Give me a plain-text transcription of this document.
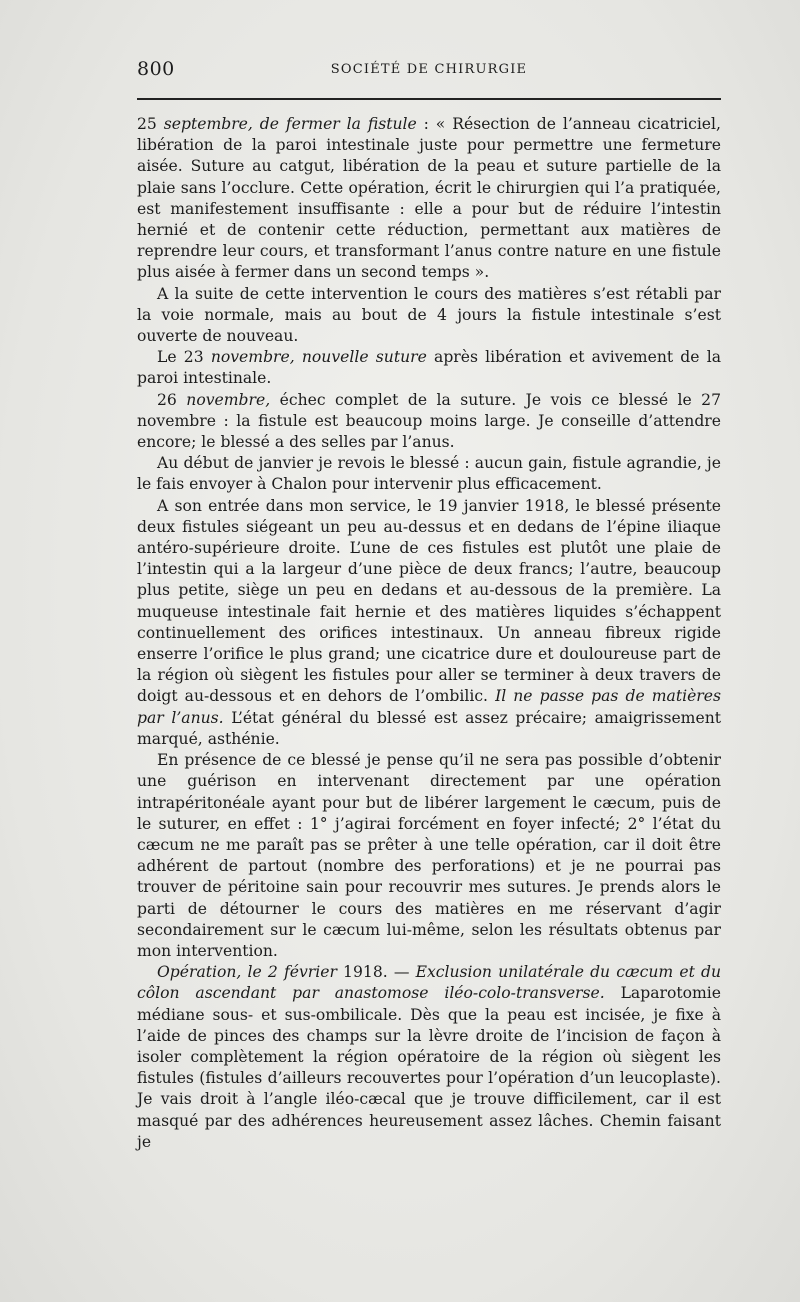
800	SOCIÉTÉ DE CHIRURGIE

25 septembre, de fermer la fistule : « Résection de l’anneau cicatriciel, libération de la paroi intestinale juste pour permettre une fermeture aisée. Suture au catgut, libération de la peau et suture partielle de la plaie sans l’occlure. Cette opération, écrit le chirurgien qui l’a pratiquée, est manifestement insuffisante : elle a pour but de réduire l’intestin hernié et de contenir cette réduction, permettant aux matières de reprendre leur cours, et transformant l’anus contre nature en une fistule plus aisée à fermer dans un second temps ».

A la suite de cette intervention le cours des matières s’est rétabli par la voie normale, mais au bout de 4 jours la fistule intestinale s’est ouverte de nouveau.

Le 23 novembre, nouvelle suture après libération et avivement de la paroi intestinale.

26 novembre, échec complet de la suture. Je vois ce blessé le 27 novembre : la fistule est beaucoup moins large. Je conseille d’attendre encore; le blessé a des selles par l’anus.

Au début de janvier je revois le blessé : aucun gain, fistule agrandie, je le fais envoyer à Chalon pour intervenir plus efficacement.

A son entrée dans mon service, le 19 janvier 1918, le blessé présente deux fistules siégeant un peu au-dessus et en dedans de l’épine iliaque antéro-supérieure droite. L’une de ces fistules est plutôt une plaie de l’intestin qui a la largeur d’une pièce de deux francs; l’autre, beaucoup plus petite, siège un peu en dedans et au-dessous de la première. La muqueuse intestinale fait hernie et des matières liquides s’échappent continuellement des orifices intestinaux. Un anneau fibreux rigide enserre l’orifice le plus grand; une cicatrice dure et douloureuse part de la région où siègent les fistules pour aller se terminer à deux travers de doigt au-dessous et en dehors de l’ombilic. Il ne passe pas de matières par l’anus. L’état général du blessé est assez précaire; amaigrissement marqué, asthénie.

En présence de ce blessé je pense qu’il ne sera pas possible d’obtenir une guérison en intervenant directement par une opération intrapéritonéale ayant pour but de libérer largement le cæcum, puis de le suturer, en effet : 1° j’agirai forcément en foyer infecté; 2° l’état du cæcum ne me paraît pas se prêter à une telle opération, car il doit être adhérent de partout (nombre des perforations) et je ne pourrai pas trouver de péritoine sain pour recouvrir mes sutures. Je prends alors le parti de détourner le cours des matières en me réservant d’agir secondairement sur le cæcum lui-même, selon les résultats obtenus par mon intervention.

Opération, le 2 février 1918. — Exclusion unilatérale du cæcum et du côlon ascendant par anastomose iléo-colo-transverse. Laparotomie médiane sous- et sus-ombilicale. Dès que la peau est incisée, je fixe à l’aide de pinces des champs sur la lèvre droite de l’incision de façon à isoler complètement la région opératoire de la région où siègent les fistules (fistules d’ailleurs recouvertes pour l’opération d’un leucoplaste). Je vais droit à l’angle iléo-cæcal que je trouve difficilement, car il est masqué par des adhérences heureusement assez lâches. Chemin faisant je
